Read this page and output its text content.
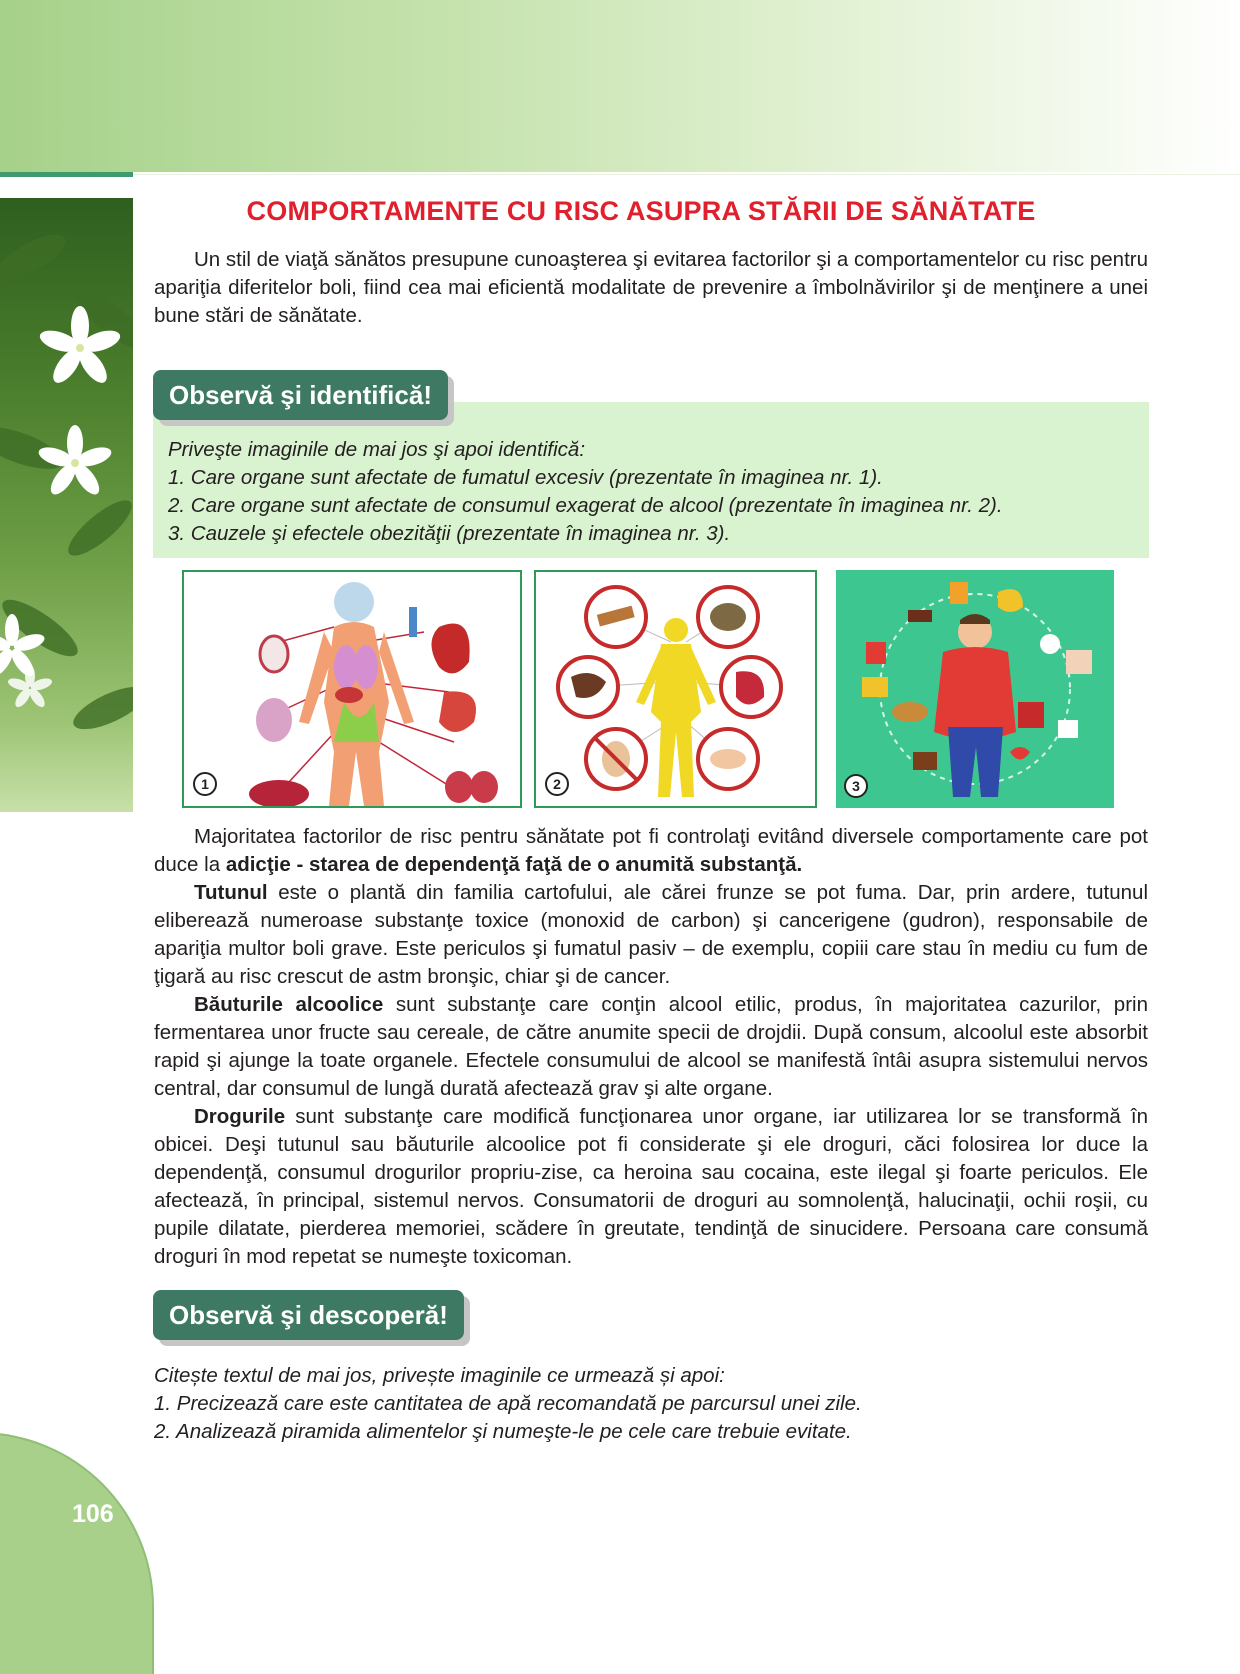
106
COMPORTAMENTE CU RISC ASUPRA STĂRII DE SĂNĂTATE

Un stil de viaţă sănătos presupune cunoaşterea şi evitarea factorilor şi a comportamentelor cu risc pentru apariţia diferitelor boli, fiind cea mai eficientă modalitate de prevenire a îmbolnăvirilor şi de menţinere a unei bune stări de sănătate.

Priveşte imaginile de mai jos şi apoi identifică:
1. Care organe sunt afectate de fumatul excesiv (prezentate în imaginea nr. 1).
2. Care organe sunt afectate de consumul exagerat de alcool (prezentate în imaginea nr. 2).
3. Cauzele şi efectele obezităţii (prezentate în imaginea nr. 3).
Observă şi identifică!
1	2	3

Majoritatea factorilor de risc pentru sănătate pot fi controlaţi evitând diversele comportamente care pot duce la adicţie - starea de dependenţă faţă de o anumită substanţă.

Tutunul este o plantă din familia cartofului, ale cărei frunze se pot fuma. Dar, prin ardere, tutunul eliberează numeroase substanţe toxice (monoxid de carbon) şi cancerigene (gudron), responsabile de apariţia multor boli grave. Este periculos şi fumatul pasiv – de exemplu, copiii care stau în mediu cu fum de ţigară au risc crescut de astm bronşic, chiar şi de cancer.

Băuturile alcoolice sunt substanţe care conţin alcool etilic, produs, în majoritatea cazurilor, prin fermentarea unor fructe sau cereale, de către anumite specii de drojdii. După consum, alcoolul este absorbit rapid şi ajunge la toate organele. Efectele consumului de alcool se manifestă întâi asupra sistemului nervos central, dar consumul de lungă durată afectează grav şi alte organe.

Drogurile sunt substanţe care modifică funcţionarea unor organe, iar utilizarea lor se transformă în obicei. Deşi tutunul sau băuturile alcoolice pot fi considerate şi ele droguri, căci folosirea lor duce la dependenţă, consumul drogurilor propriu-zise, ca heroina sau cocaina, este ilegal şi foarte periculos. Ele afectează, în principal, sistemul nervos. Consumatorii de droguri au somnolenţă, halucinaţii, ochii roşii, cu pupile dilatate, pierderea memoriei, scădere în greutate, tendinţă de sinucidere. Persoana care consumă droguri în mod repetat se numeşte toxicoman.

Observă şi descoperă!
Citește textul de mai jos, privește imaginile ce urmează și apoi:
1. Precizează care este cantitatea de apă recomandată pe parcursul unei zile.
2. Analizează piramida alimentelor şi numeşte-le pe cele care trebuie evitate.
